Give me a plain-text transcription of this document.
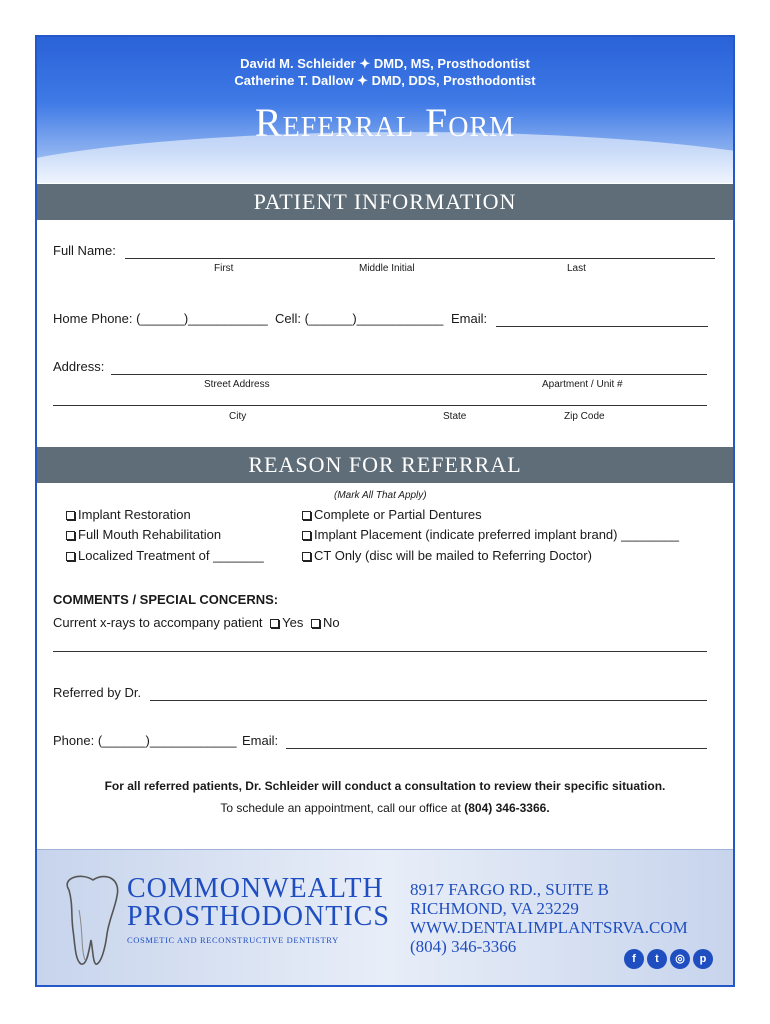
David M. Schleider ✦ DMD, MS, Prosthodontist
Catherine T. Dallow ✦ DMD, DDS, Prosthodontist
Referral Form
PATIENT INFORMATION
Full Name:
First	Middle Initial	Last
Home Phone: (______)___________ Cell: (______)____________ Email:
Address:
Street Address	Apartment / Unit #
City	State	Zip Code
REASON FOR REFERRAL
(Mark All That Apply)
Implant Restoration
Full Mouth Rehabilitation
Localized Treatment of _______
Complete or Partial Dentures
Implant Placement (indicate preferred implant brand) ________
CT Only (disc will be mailed to Referring Doctor)
COMMENTS / SPECIAL CONCERNS:
Current x-rays to accompany patient Yes No
Referred by Dr.
Phone: (______)____________ Email:
For all referred patients, Dr. Schleider will conduct a consultation to review their specific situation.
To schedule an appointment, call our office at (804) 346-3366.
COMMONWEALTH
PROSTHODONTICS
COSMETIC AND RECONSTRUCTIVE DENTISTRY
8917 FARGO RD., SUITE B
RICHMOND, VA 23229
WWW.DENTALIMPLANTSRVA.COM
(804) 346-3366
f	t	◎	p
